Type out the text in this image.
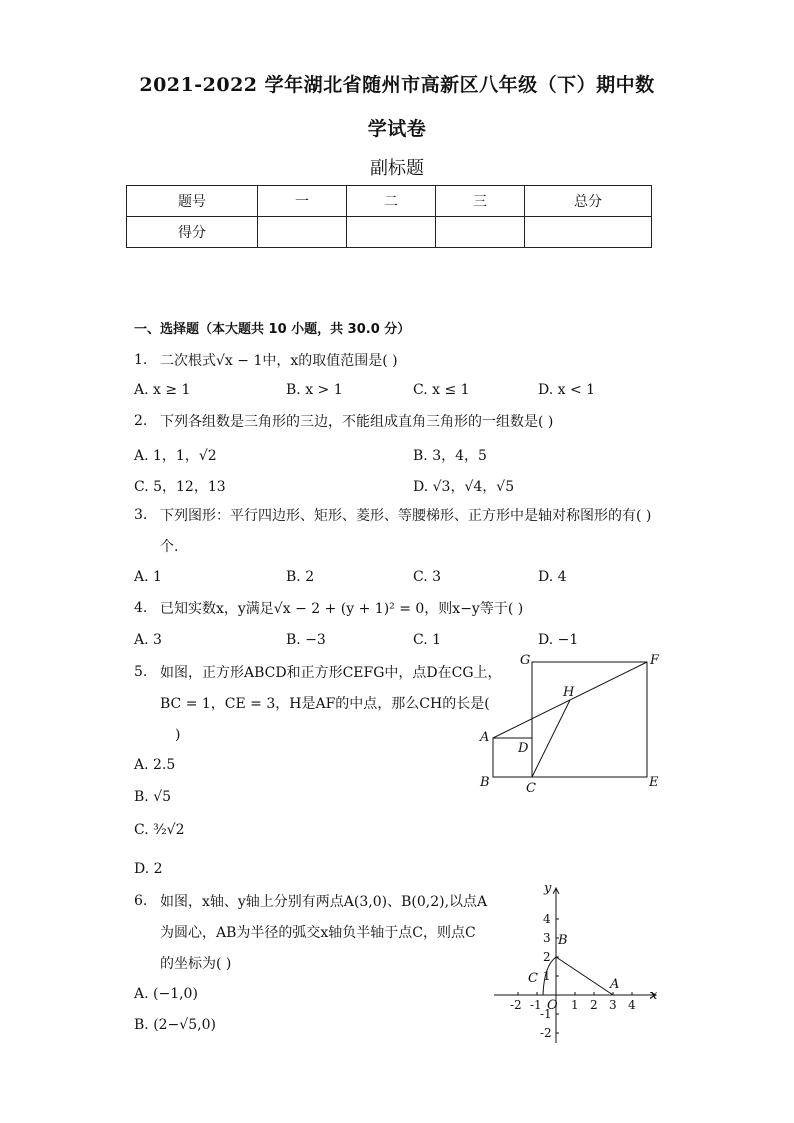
2021-2022 学年湖北省随州市高新区八年级（下）期中数
学试卷
副标题
题号	一	二	三	总分
得分				
一、选择题（本大题共 10 小题，共 30.0 分）
1. 二次根式√x − 1中，x的取值范围是( )
A. x ≥ 1	B. x > 1	C. x ≤ 1	D. x < 1
2. 下列各组数是三角形的三边，不能组成直角三角形的一组数是( )
A. 1，1，√2	B. 3，4，5
C. 5，12，13	D. √3，√4，√5
3. 下列图形：平行四边形、矩形、菱形、等腰梯形、正方形中是轴对称图形的有( )
个.
A. 1	B. 2	C. 3	D. 4
4. 已知实数x，y满足√x − 2 + (y + 1)² = 0，则x−y等于( )
A. 3	B. −3	C. 1	D. −1
5. 如图，正方形ABCD和正方形CEFG中，点D在CG上，
BC = 1，CE = 3，H是AF的中点，那么CH的长是(
)
A. 2.5
B. √5
C. ³⁄₂√2
D. 2
G	F
H
A
D
B	C	E
6. 如图，x轴、y轴上分别有两点A(3,0)、B(0,2),以点A
为圆心，AB为半径的弧交x轴负半轴于点C，则点C
的坐标为( )
A. (−1,0)
B. (2−√5,0)
-2 -1 1 2 3 4
4
3
2
1
-1
-2
x
y
O
A
B
C
